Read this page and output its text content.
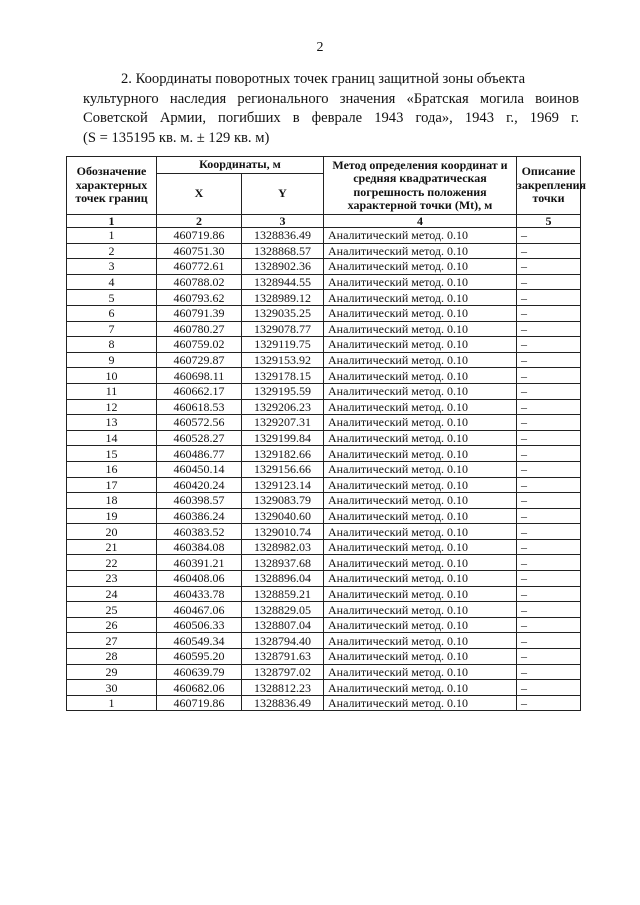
2
2. Координаты поворотных точек границ защитной зоны объекта
культурного наследия регионального значения «Братская могила воинов
Советской Армии, погибших в феврале 1943 года», 1943 г., 1969 г.
(S = 135195 кв. м. ± 129 кв. м)
Обозначение характерных точек границ	Координаты, м		Метод определения координат и средняя квадратическая погрешность положения характерной точки (Mt), м	Описание закрепления точки
	X	Y		
1	2	3	4	5
1	460719.86	1328836.49	Аналитический метод. 0.10	–
2	460751.30	1328868.57	Аналитический метод. 0.10	–
3	460772.61	1328902.36	Аналитический метод. 0.10	–
4	460788.02	1328944.55	Аналитический метод. 0.10	–
5	460793.62	1328989.12	Аналитический метод. 0.10	–
6	460791.39	1329035.25	Аналитический метод. 0.10	–
7	460780.27	1329078.77	Аналитический метод. 0.10	–
8	460759.02	1329119.75	Аналитический метод. 0.10	–
9	460729.87	1329153.92	Аналитический метод. 0.10	–
10	460698.11	1329178.15	Аналитический метод. 0.10	–
11	460662.17	1329195.59	Аналитический метод. 0.10	–
12	460618.53	1329206.23	Аналитический метод. 0.10	–
13	460572.56	1329207.31	Аналитический метод. 0.10	–
14	460528.27	1329199.84	Аналитический метод. 0.10	–
15	460486.77	1329182.66	Аналитический метод. 0.10	–
16	460450.14	1329156.66	Аналитический метод. 0.10	–
17	460420.24	1329123.14	Аналитический метод. 0.10	–
18	460398.57	1329083.79	Аналитический метод. 0.10	–
19	460386.24	1329040.60	Аналитический метод. 0.10	–
20	460383.52	1329010.74	Аналитический метод. 0.10	–
21	460384.08	1328982.03	Аналитический метод. 0.10	–
22	460391.21	1328937.68	Аналитический метод. 0.10	–
23	460408.06	1328896.04	Аналитический метод. 0.10	–
24	460433.78	1328859.21	Аналитический метод. 0.10	–
25	460467.06	1328829.05	Аналитический метод. 0.10	–
26	460506.33	1328807.04	Аналитический метод. 0.10	–
27	460549.34	1328794.40	Аналитический метод. 0.10	–
28	460595.20	1328791.63	Аналитический метод. 0.10	–
29	460639.79	1328797.02	Аналитический метод. 0.10	–
30	460682.06	1328812.23	Аналитический метод. 0.10	–
1	460719.86	1328836.49	Аналитический метод. 0.10	–
